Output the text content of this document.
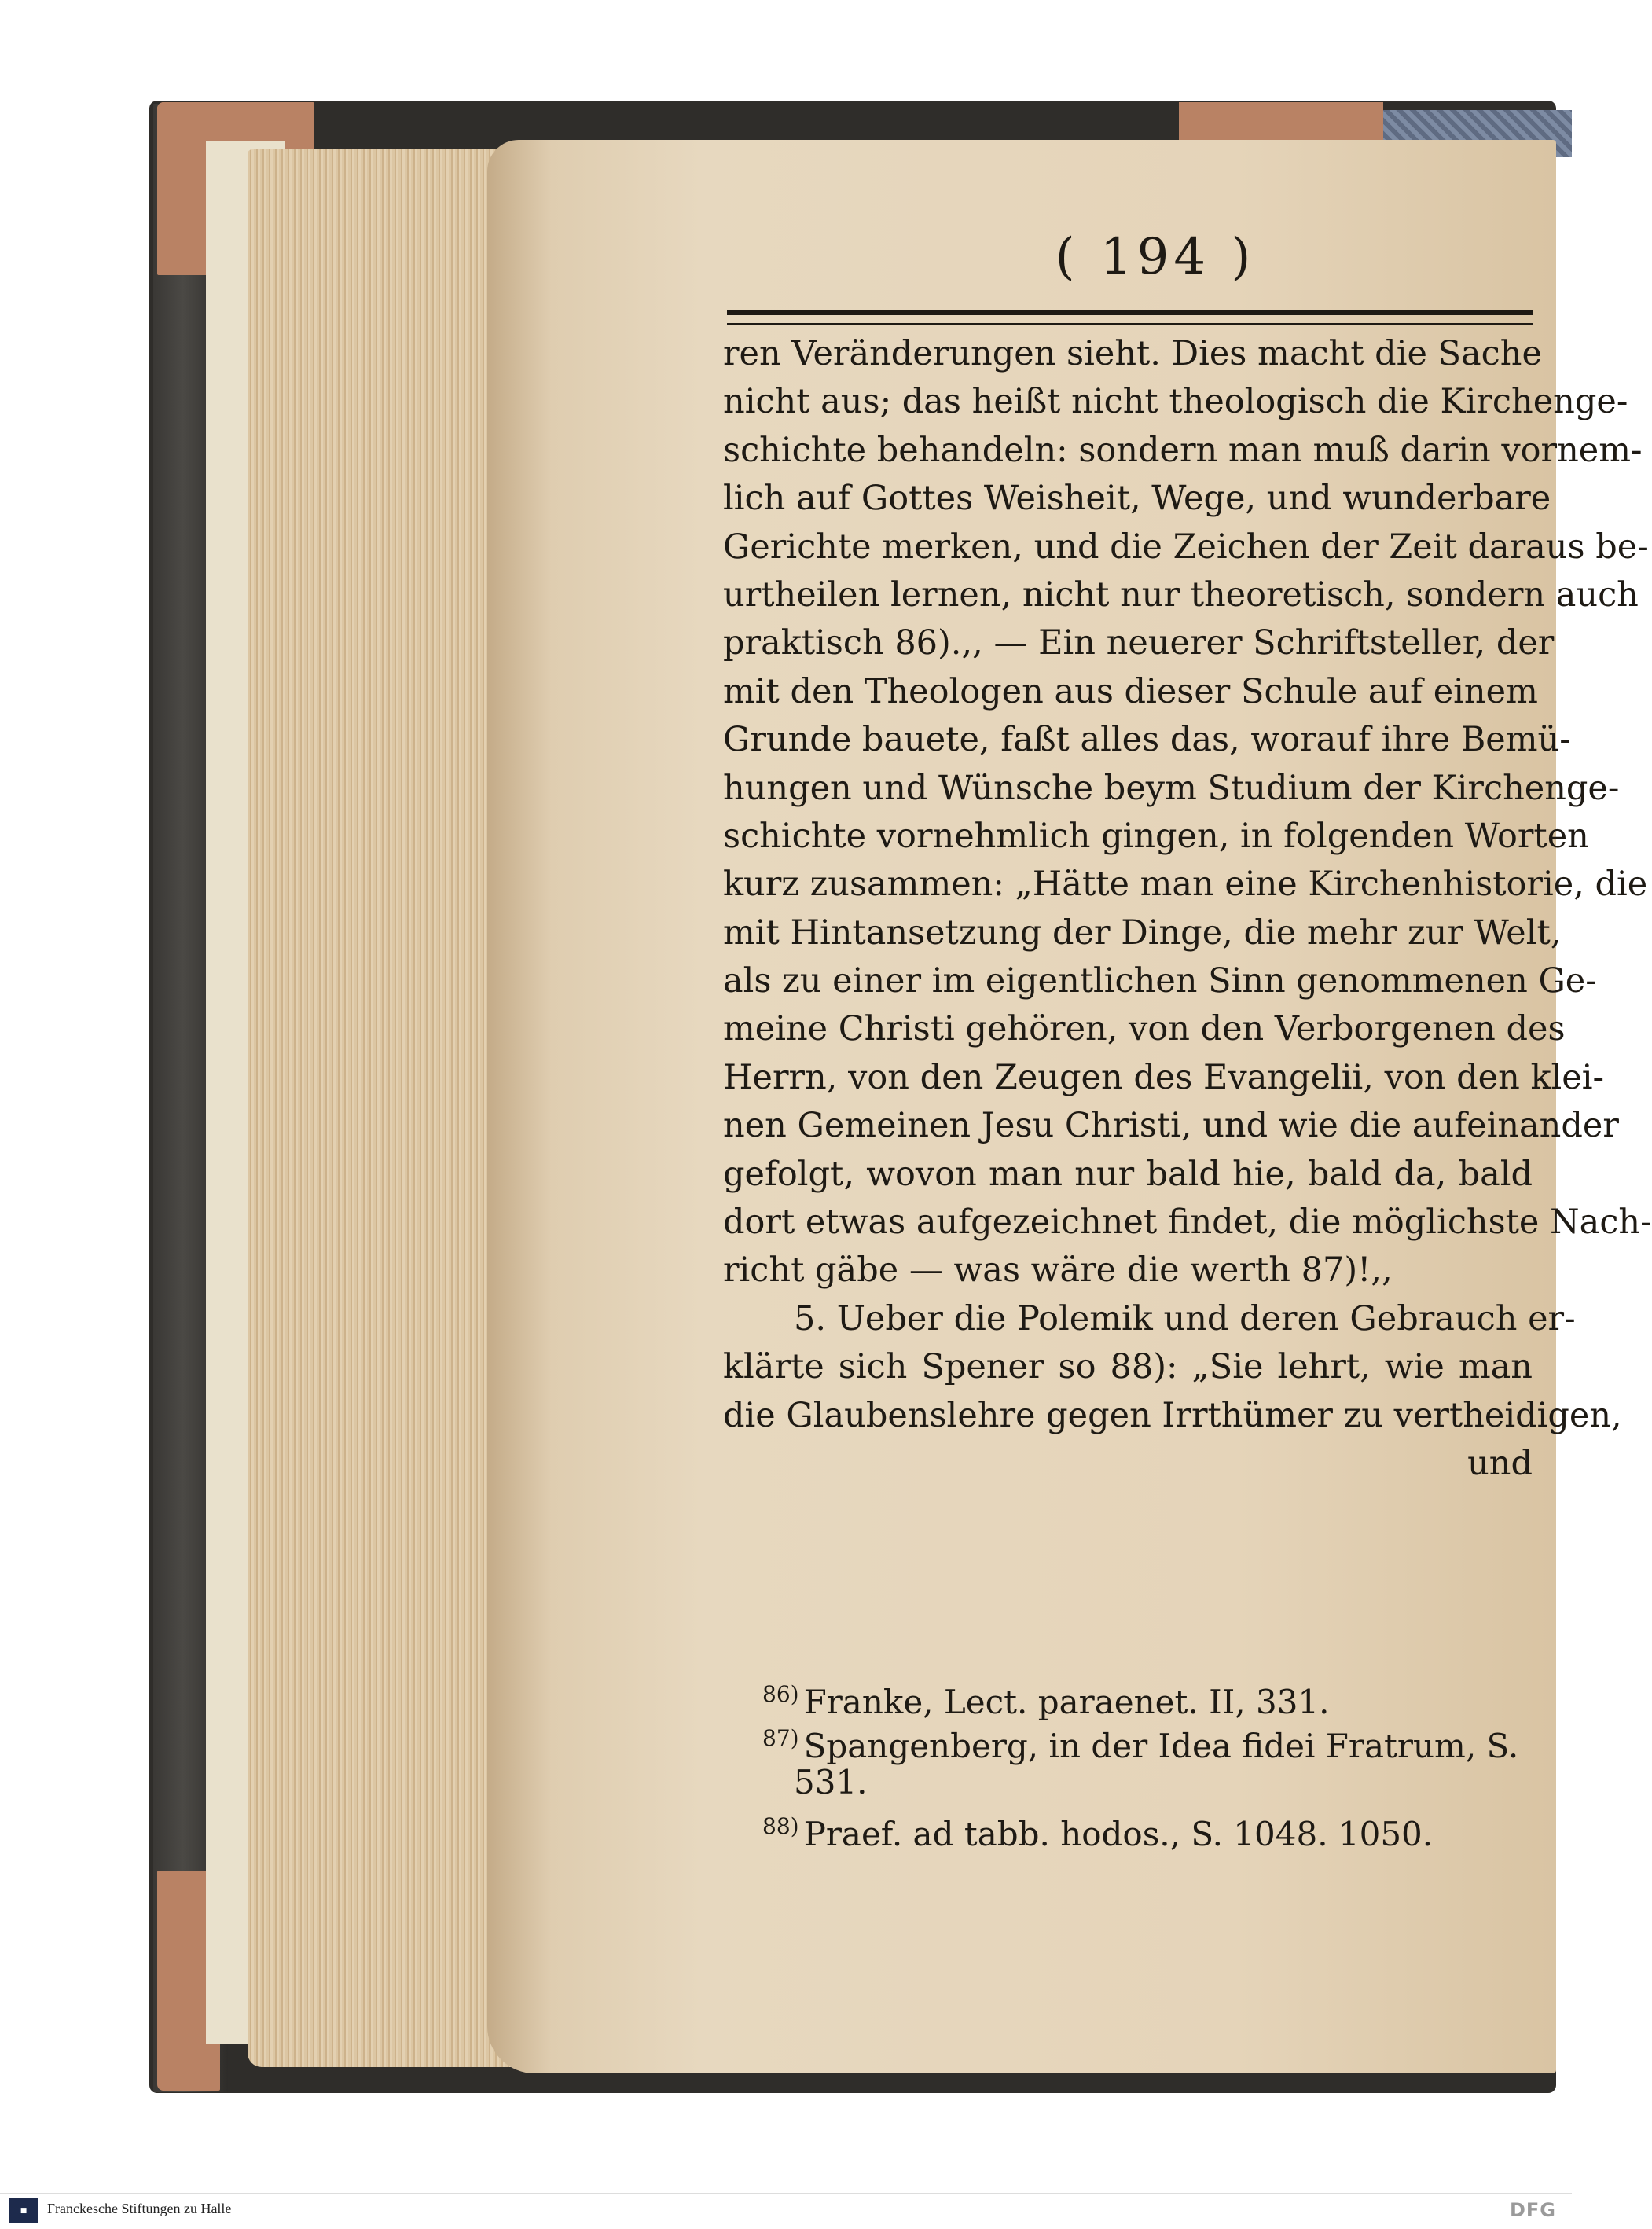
( 194 )
ren Veränderungen sieht. Dies macht die Sache
nicht aus; das heißt nicht theologisch die Kirchenge-
schichte behandeln: sondern man muß darin vornem-
lich auf Gottes Weisheit, Wege, und wunderbare
Gerichte merken, und die Zeichen der Zeit daraus be-
urtheilen lernen, nicht nur theoretisch, sondern auch
praktisch 86).,, — Ein neuerer Schriftsteller, der
mit den Theologen aus dieser Schule auf einem
Grunde bauete, faßt alles das, worauf ihre Bemü-
hungen und Wünsche beym Studium der Kirchenge-
schichte vornehmlich gingen, in folgenden Worten
kurz zusammen: „Hätte man eine Kirchenhistorie, die
mit Hintansetzung der Dinge, die mehr zur Welt,
als zu einer im eigentlichen Sinn genommenen Ge-
meine Christi gehören, von den Verborgenen des
Herrn, von den Zeugen des Evangelii, von den klei-
nen Gemeinen Jesu Christi, und wie die aufeinander
gefolgt, wovon man nur bald hie, bald da, bald
dort etwas aufgezeichnet findet, die möglichste Nach-
richt gäbe — was wäre die werth 87)!,,
5. Ueber die Polemik und deren Gebrauch er-
klärte sich Spener so 88): „Sie lehrt, wie man
die Glaubenslehre gegen Irrthümer zu vertheidigen,
und
$^{86)}$ Franke, Lect. paraenet. II, 331.
$^{87)}$ Spangenberg, in der Idea fidei Fratrum, S.
531.
$^{88)}$ Praef. ad tabb. hodos., S. 1048. 1050.
■	Franckesche Stiftungen zu Halle	DFG
